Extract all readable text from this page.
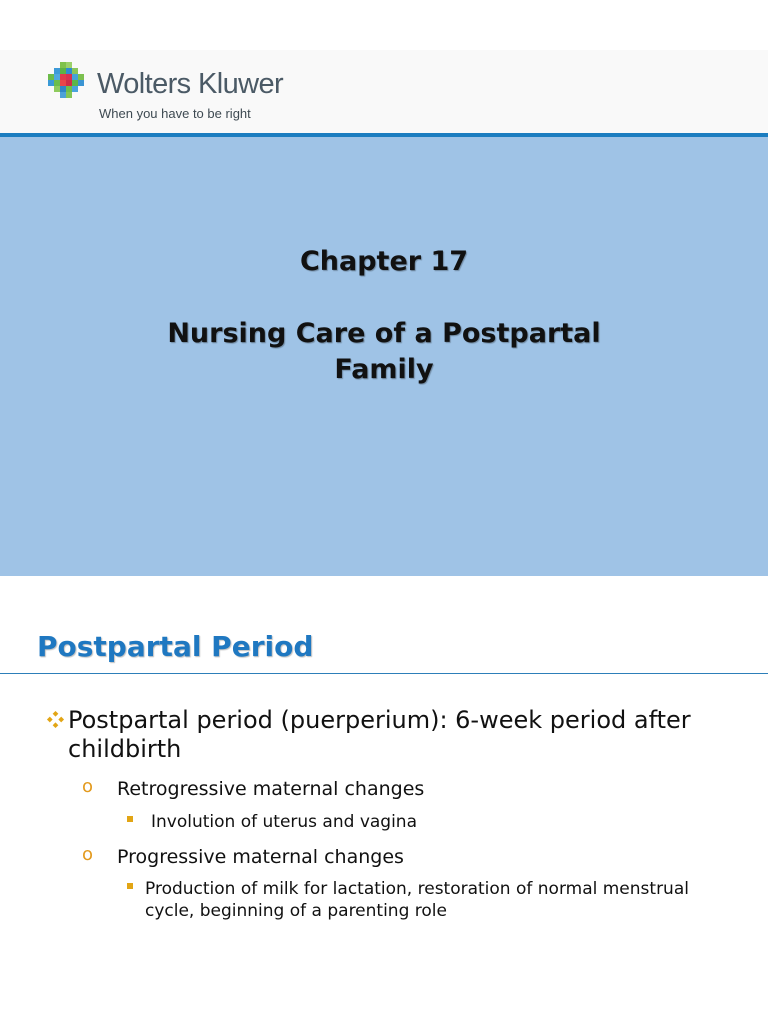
Wolters Kluwer
When you have to be right
Chapter 17
Nursing Care of a Postpartal Family
Postpartal Period
Postpartal period (puerperium): 6-week period after childbirth
o Retrogressive maternal changes
Involution of uterus and vagina
o Progressive maternal changes
Production of milk for lactation, restoration of normal menstrual cycle, beginning of a parenting role
